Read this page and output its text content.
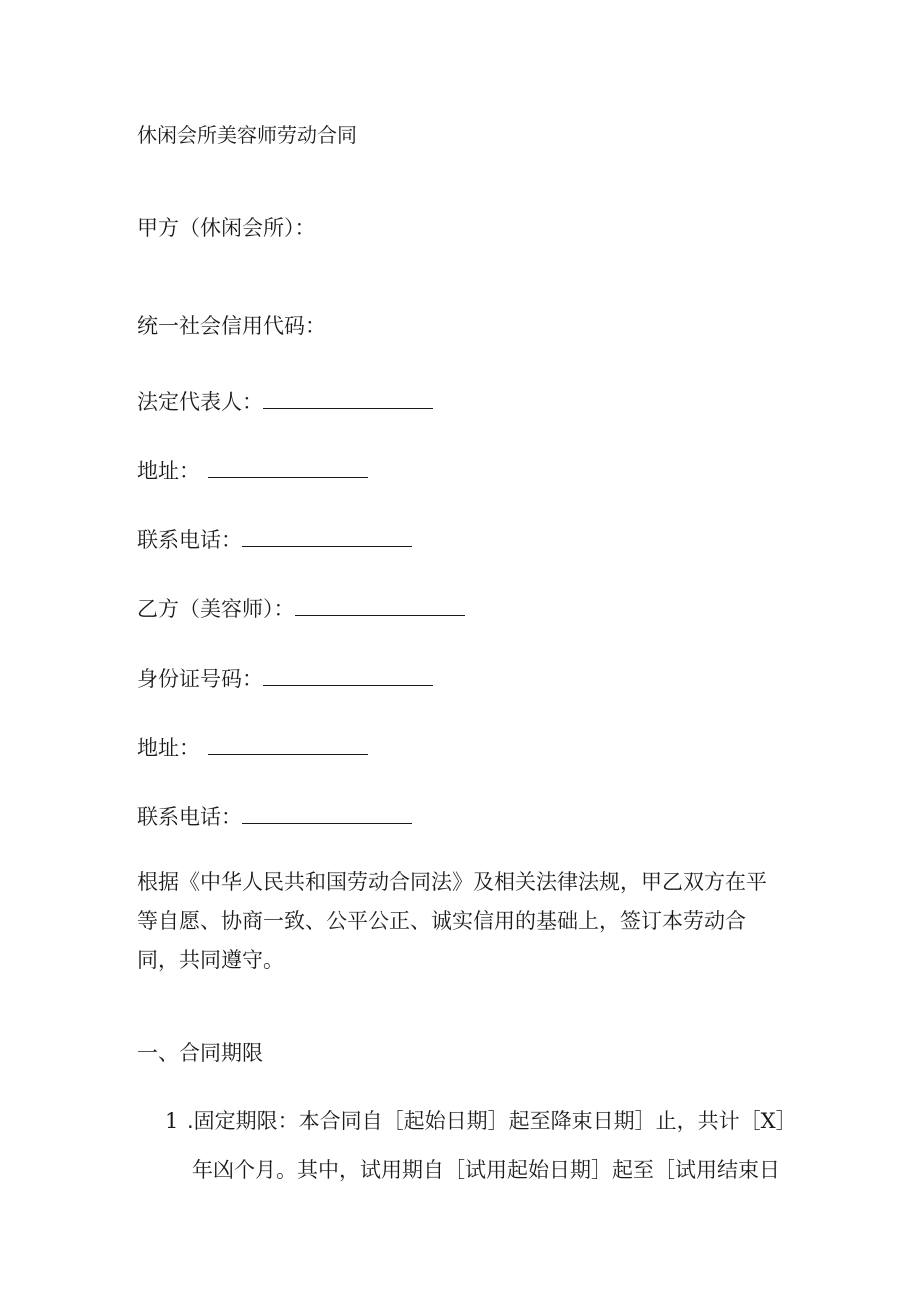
休闲会所美容师劳动合同
甲方（休闲会所）：
统一社会信用代码：
法定代表人：
地址：
联系电话：
乙方（美容师）：
身份证号码：
地址：
联系电话：
根据《中华人民共和国劳动合同法》及相关法律法规，甲乙双方在平等自愿、协商一致、公平公正、诚实信用的基础上，签订本劳动合同，共同遵守。
一、合同期限
1 .固定期限：本合同自［起始日期］起至降束日期］止，共计［X］
年凶个月。其中，试用期自［试用起始日期］起至［试用结束日
